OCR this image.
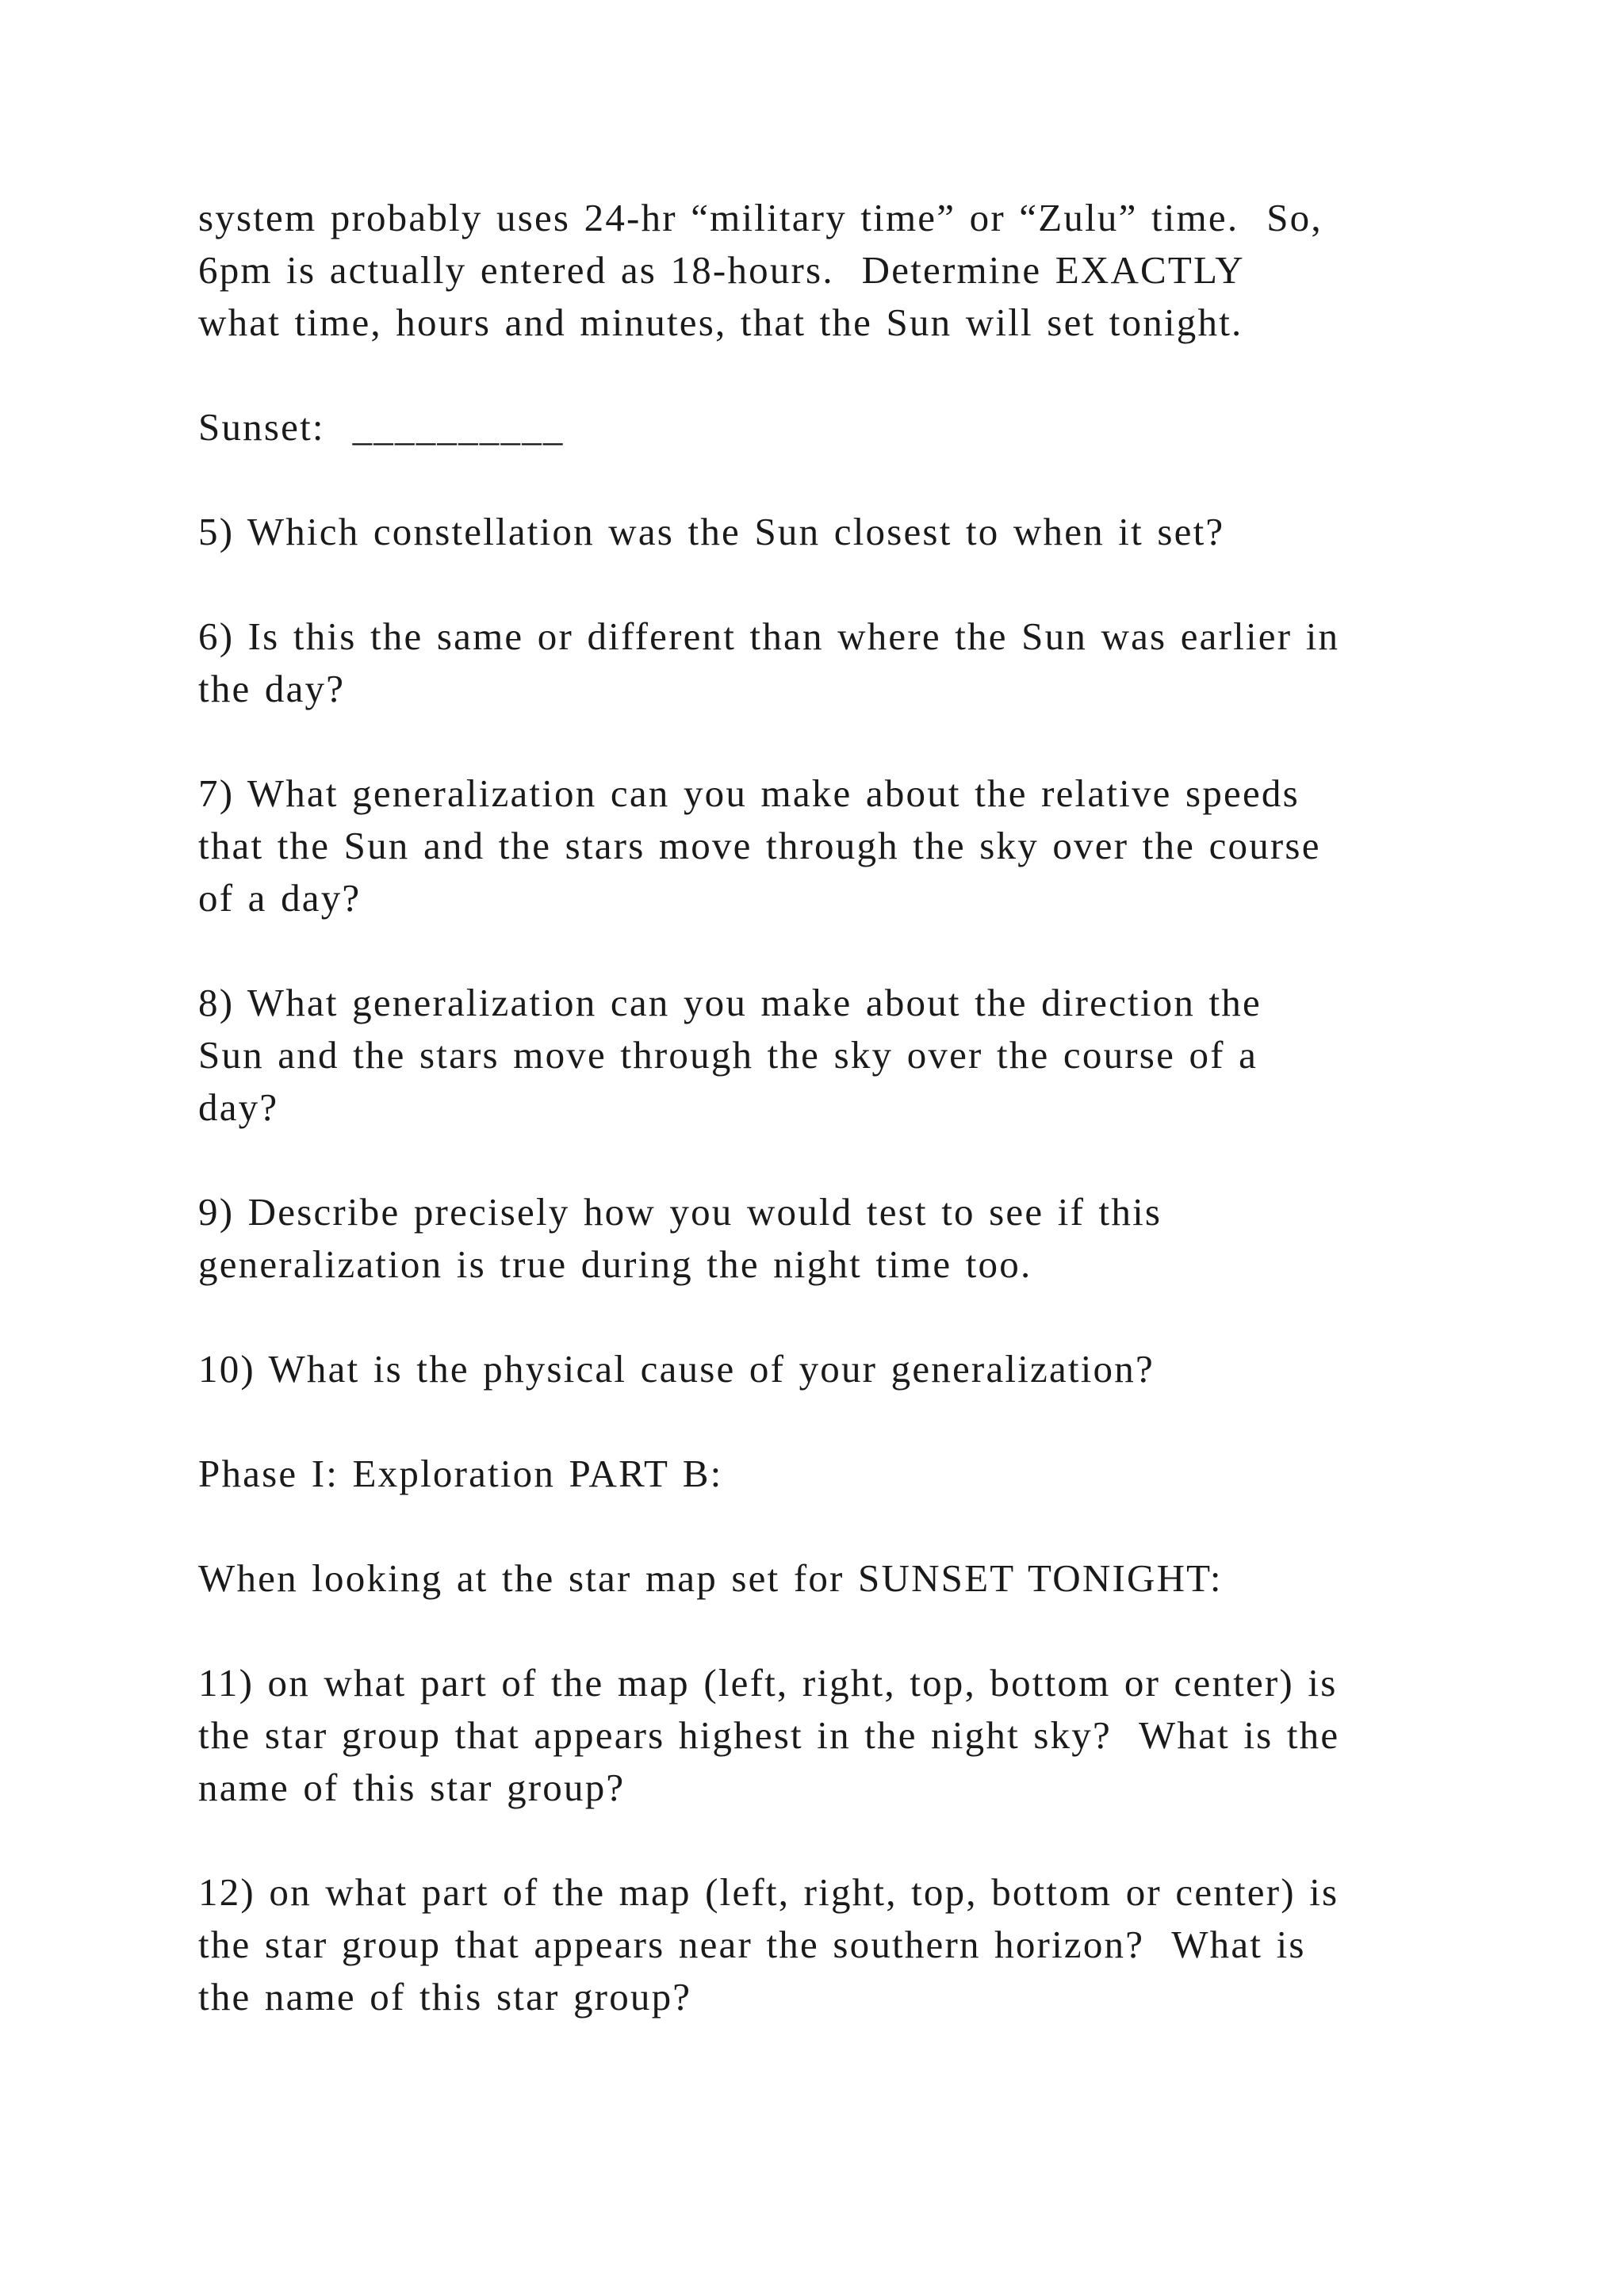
system probably uses 24-hr “military time” or “Zulu” time.  So,
6pm is actually entered as 18-hours.  Determine EXACTLY
what time, hours and minutes, that the Sun will set tonight.

Sunset:  __________

5) Which constellation was the Sun closest to when it set?

6) Is this the same or different than where the Sun was earlier in
the day?

7) What generalization can you make about the relative speeds
that the Sun and the stars move through the sky over the course
of a day?

8) What generalization can you make about the direction the
Sun and the stars move through the sky over the course of a
day?

9) Describe precisely how you would test to see if this
generalization is true during the night time too.

10) What is the physical cause of your generalization?

Phase I: Exploration PART B:

When looking at the star map set for SUNSET TONIGHT:

11) on what part of the map (left, right, top, bottom or center) is
the star group that appears highest in the night sky?  What is the
name of this star group?

12) on what part of the map (left, right, top, bottom or center) is
the star group that appears near the southern horizon?  What is
the name of this star group?
